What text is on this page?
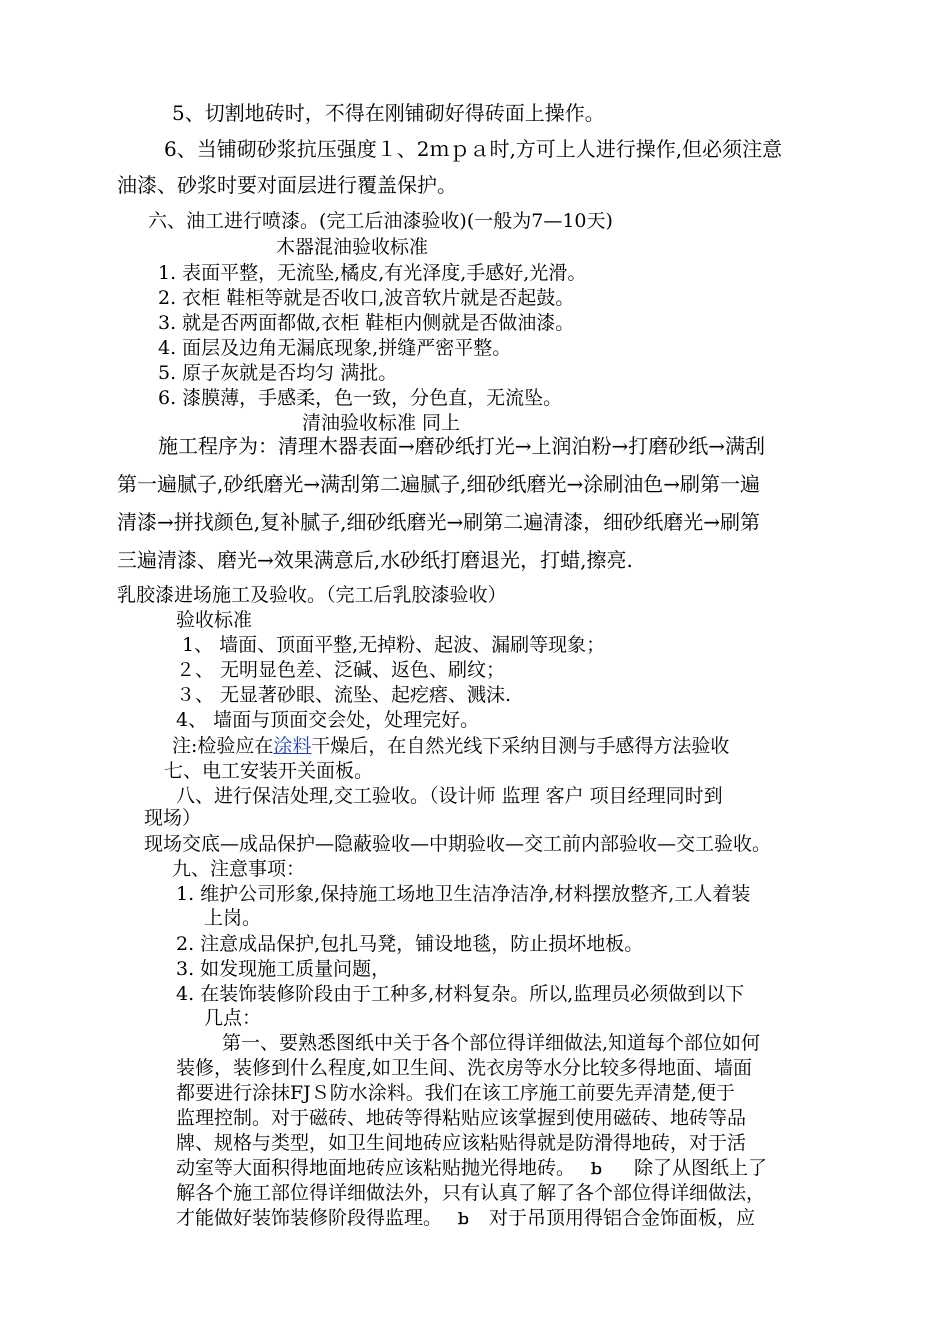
5、切割地砖时，不得在刚铺砌好得砖面上操作。
6、当铺砌砂浆抗压强度１、2ｍｐａ时,方可上人进行操作,但必须注意
油漆、砂浆时要对面层进行覆盖保护。
六、油工进行喷漆。(完工后油漆验收)(一般为7—10天)
木器混油验收标准
1. 表面平整，无流坠,橘皮,有光泽度,手感好,光滑。
2. 衣柜 鞋柜等就是否收口,波音软片就是否起鼓。
3. 就是否两面都做,衣柜 鞋柜内侧就是否做油漆。
4. 面层及边角无漏底现象,拼缝严密平整。
5. 原子灰就是否均匀 满批。
6. 漆膜薄，手感柔，色一致，分色直，无流坠。
清油验收标准 同上
施工程序为：清理木器表面→磨砂纸打光→上润泊粉→打磨砂纸→满刮
第一遍腻子,砂纸磨光→满刮第二遍腻子,细砂纸磨光→涂刷油色→刷第一遍
清漆→拼找颜色,复补腻子,细砂纸磨光→刷第二遍清漆，细砂纸磨光→刷第
三遍清漆、磨光→效果满意后,水砂纸打磨退光，打蜡,擦亮.
乳胶漆进场施工及验收。（完工后乳胶漆验收）
验收标准
1、 墙面、顶面平整,无掉粉、起波、漏刷等现象；
２、 无明显色差、泛碱、返色、刷纹；
３、 无显著砂眼、流坠、起疙瘩、溅沫.
4、 墙面与顶面交会处，处理完好。
注:检验应在涂料干燥后，在自然光线下采纳目测与手感得方法验收
七、电工安装开关面板。
八、进行保洁处理,交工验收。（设计师 监理 客户 项目经理同时到
现场）
现场交底—成品保护—隐蔽验收—中期验收—交工前内部验收—交工验收。
九、注意事项：
1. 维护公司形象,保持施工场地卫生洁净洁净,材料摆放整齐,工人着装
上岗。
2. 注意成品保护,包扎马凳，铺设地毯，防止损坏地板。
3. 如发现施工质量问题，
4. 在装饰装修阶段由于工种多,材料复杂。所以,监理员必须做到以下
几点：
第一、要熟悉图纸中关于各个部位得详细做法,知道每个部位如何
装修，装修到什么程度,如卫生间、洗衣房等水分比较多得地面、墙面
都要进行涂抹FJＳ防水涂料。我们在该工序施工前要先弄清楚,便于
监理控制。对于磁砖、地砖等得粘贴应该掌握到使用磁砖、地砖等品
牌、规格与类型，如卫生间地砖应该粘贴得就是防滑得地砖，对于活
动室等大面积得地面地砖应该粘贴抛光得地砖。 ｂ 除了从图纸上了
解各个施工部位得详细做法外，只有认真了解了各个部位得详细做法，
才能做好装饰装修阶段得监理。 ｂ 对于吊顶用得铝合金饰面板，应
